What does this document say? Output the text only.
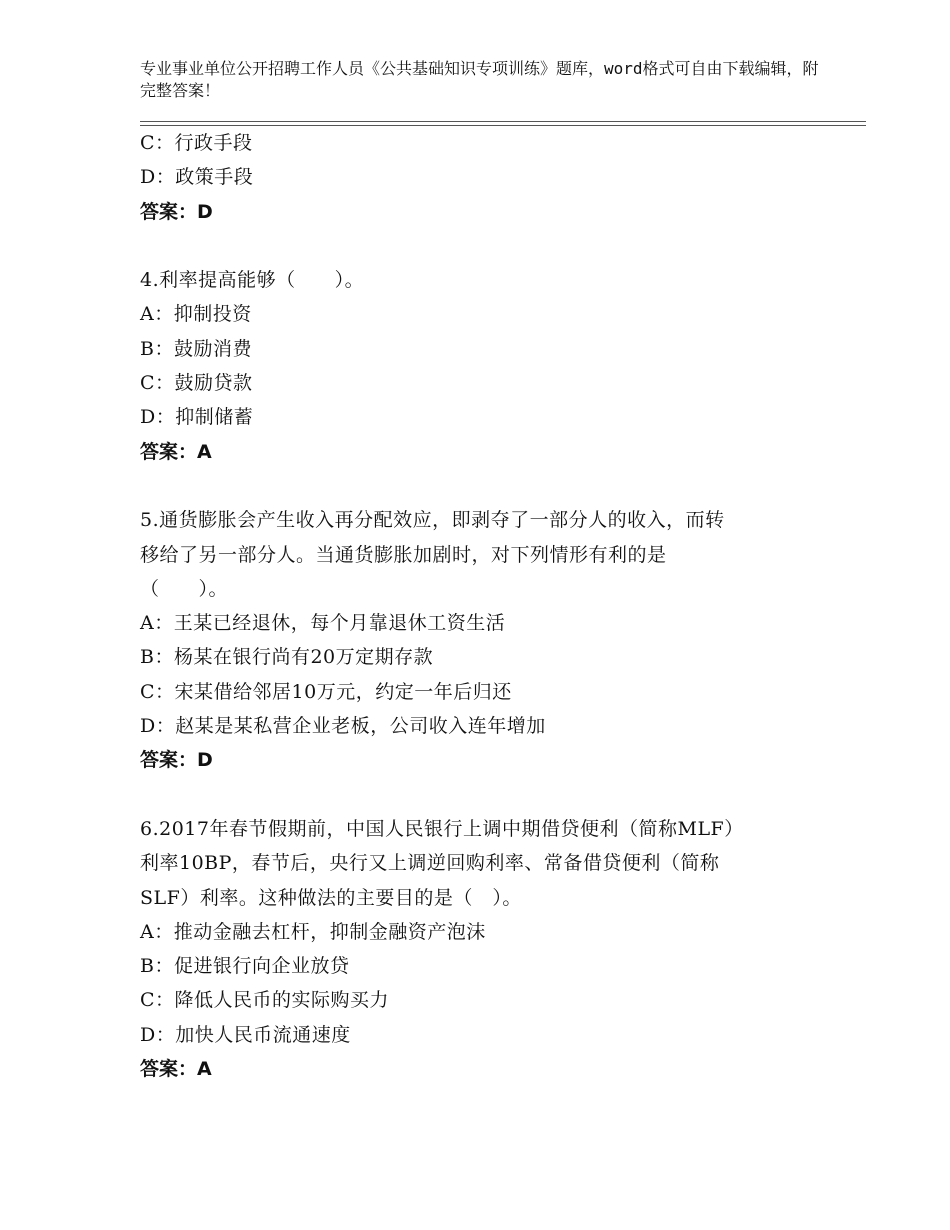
专业事业单位公开招聘工作人员《公共基础知识专项训练》题库，word格式可自由下载编辑，附完整答案！
C：行政手段
D：政策手段
答案：D
4.利率提高能够（　　）。
A：抑制投资
B：鼓励消费
C：鼓励贷款
D：抑制储蓄
答案：A
5.通货膨胀会产生收入再分配效应，即剥夺了一部分人的收入，而转
移给了另一部分人。当通货膨胀加剧时，对下列情形有利的是
（　　）。
A：王某已经退休，每个月靠退休工资生活
B：杨某在银行尚有20万定期存款
C：宋某借给邻居10万元，约定一年后归还
D：赵某是某私营企业老板，公司收入连年增加
答案：D
6.2017年春节假期前，中国人民银行上调中期借贷便利（简称MLF）
利率10BP，春节后，央行又上调逆回购利率、常备借贷便利（简称
SLF）利率。这种做法的主要目的是（　）。
A：推动金融去杠杆，抑制金融资产泡沫
B：促进银行向企业放贷
C：降低人民币的实际购买力
D：加快人民币流通速度
答案：A
